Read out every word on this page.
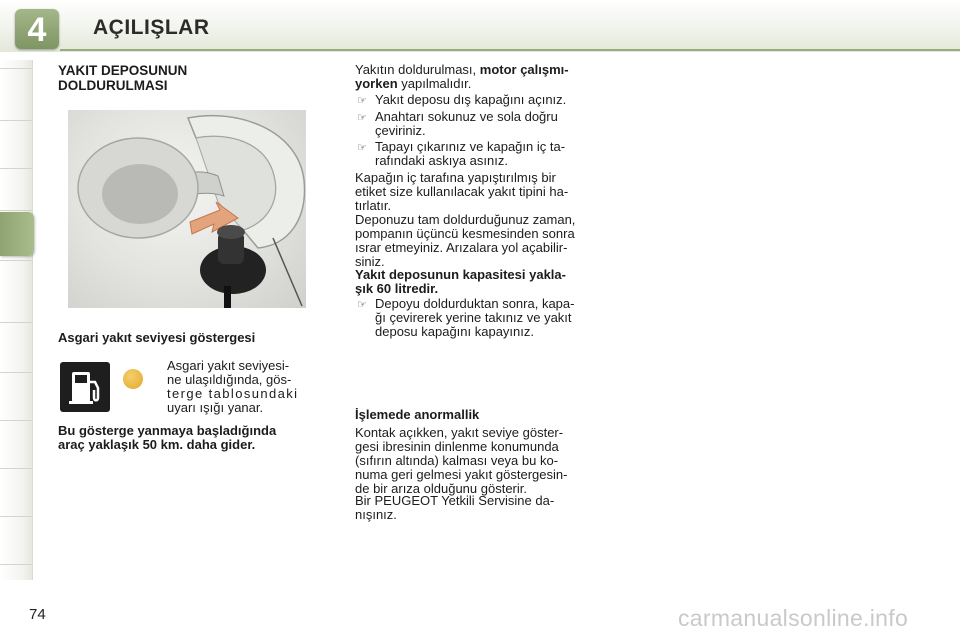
4	AÇILIŞLAR
YAKIT DEPOSUNUN
DOLDURULMASI
Asgari yakıt seviyesi göstergesi
Asgari yakıt seviyesi-
ne ulaşıldığında, gös-
terge tablosundaki
uyarı ışığı yanar.
Bu gösterge yanmaya başladığında
araç yaklaşık 50 km. daha gider.
Yakıtın doldurulması, motor çalışmı-
yorken yapılmalıdır.
☞ Yakıt deposu dış kapağını açınız.
☞ Anahtarı sokunuz ve sola doğru
çeviriniz.
☞ Tapayı çıkarınız ve kapağın iç ta-
rafındaki askıya asınız.
Kapağın iç tarafına yapıştırılmış bir
etiket size kullanılacak yakıt tipini ha-
tırlatır.
Deponuzu tam doldurduğunuz zaman,
pompanın üçüncü kesmesinden sonra
ısrar etmeyiniz. Arızalara yol açabilir-
siniz.
Yakıt deposunun kapasitesi yakla-
şık 60 litredir.
☞ Depoyu doldurduktan sonra, kapa-
ğı çevirerek yerine takınız ve yakıt
deposu kapağını kapayınız.
İşlemede anormallik
Kontak açıkken, yakıt seviye göster-
gesi ibresinin dinlenme konumunda
(sıfırın altında) kalması veya bu ko-
numa geri gelmesi yakıt göstergesin-
de bir arıza olduğunu gösterir.
Bir PEUGEOT Yetkili Servisine da-
nışınız.
74	carmanualsonline.info
